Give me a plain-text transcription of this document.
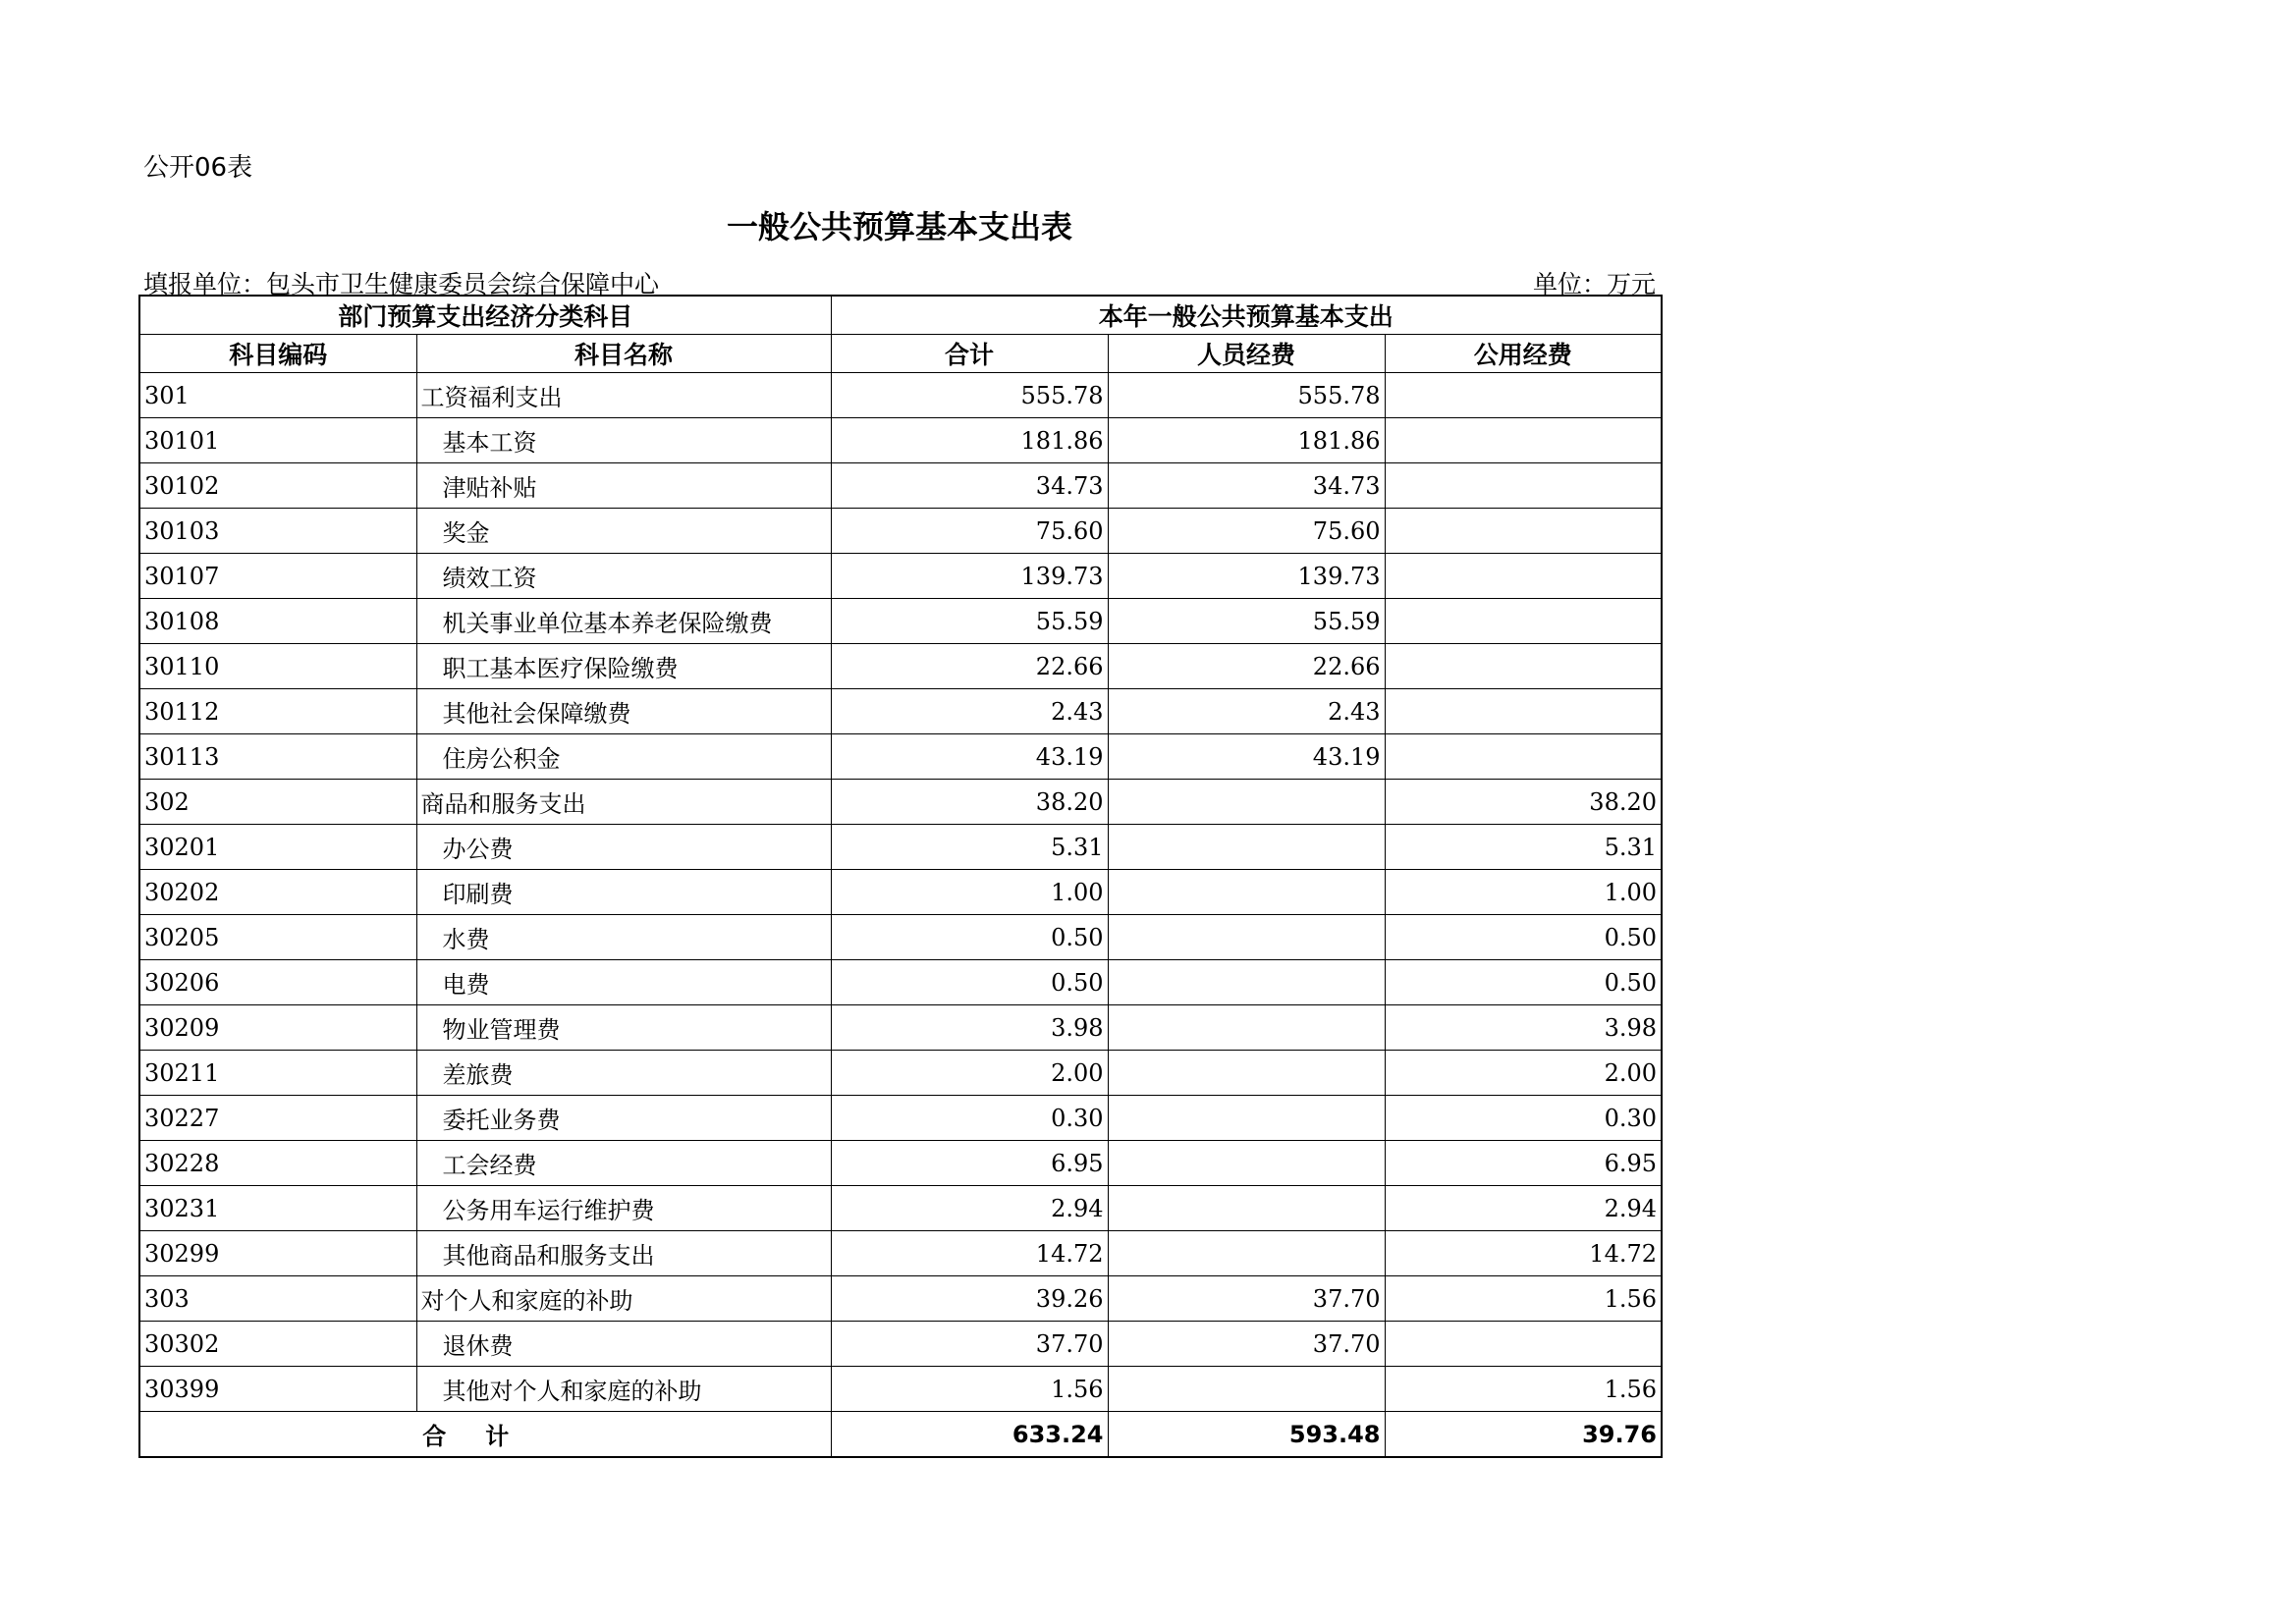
公开06表
一般公共预算基本支出表
填报单位：包头市卫生健康委员会综合保障中心	单位：万元
部门预算支出经济分类科目		本年一般公共预算基本支出		
科目编码	科目名称	合计	人员经费	公用经费
301	工资福利支出	555.78	555.78	
30101	基本工资	181.86	181.86	
30102	津贴补贴	34.73	34.73	
30103	奖金	75.60	75.60	
30107	绩效工资	139.73	139.73	
30108	机关事业单位基本养老保险缴费	55.59	55.59	
30110	职工基本医疗保险缴费	22.66	22.66	
30112	其他社会保障缴费	2.43	2.43	
30113	住房公积金	43.19	43.19	
302	商品和服务支出	38.20		38.20
30201	办公费	5.31		5.31
30202	印刷费	1.00		1.00
30205	水费	0.50		0.50
30206	电费	0.50		0.50
30209	物业管理费	3.98		3.98
30211	差旅费	2.00		2.00
30227	委托业务费	0.30		0.30
30228	工会经费	6.95		6.95
30231	公务用车运行维护费	2.94		2.94
30299	其他商品和服务支出	14.72		14.72
303	对个人和家庭的补助	39.26	37.70	1.56
30302	退休费	37.70	37.70	
30399	其他对个人和家庭的补助	1.56		1.56
合计		633.24	593.48	39.76
